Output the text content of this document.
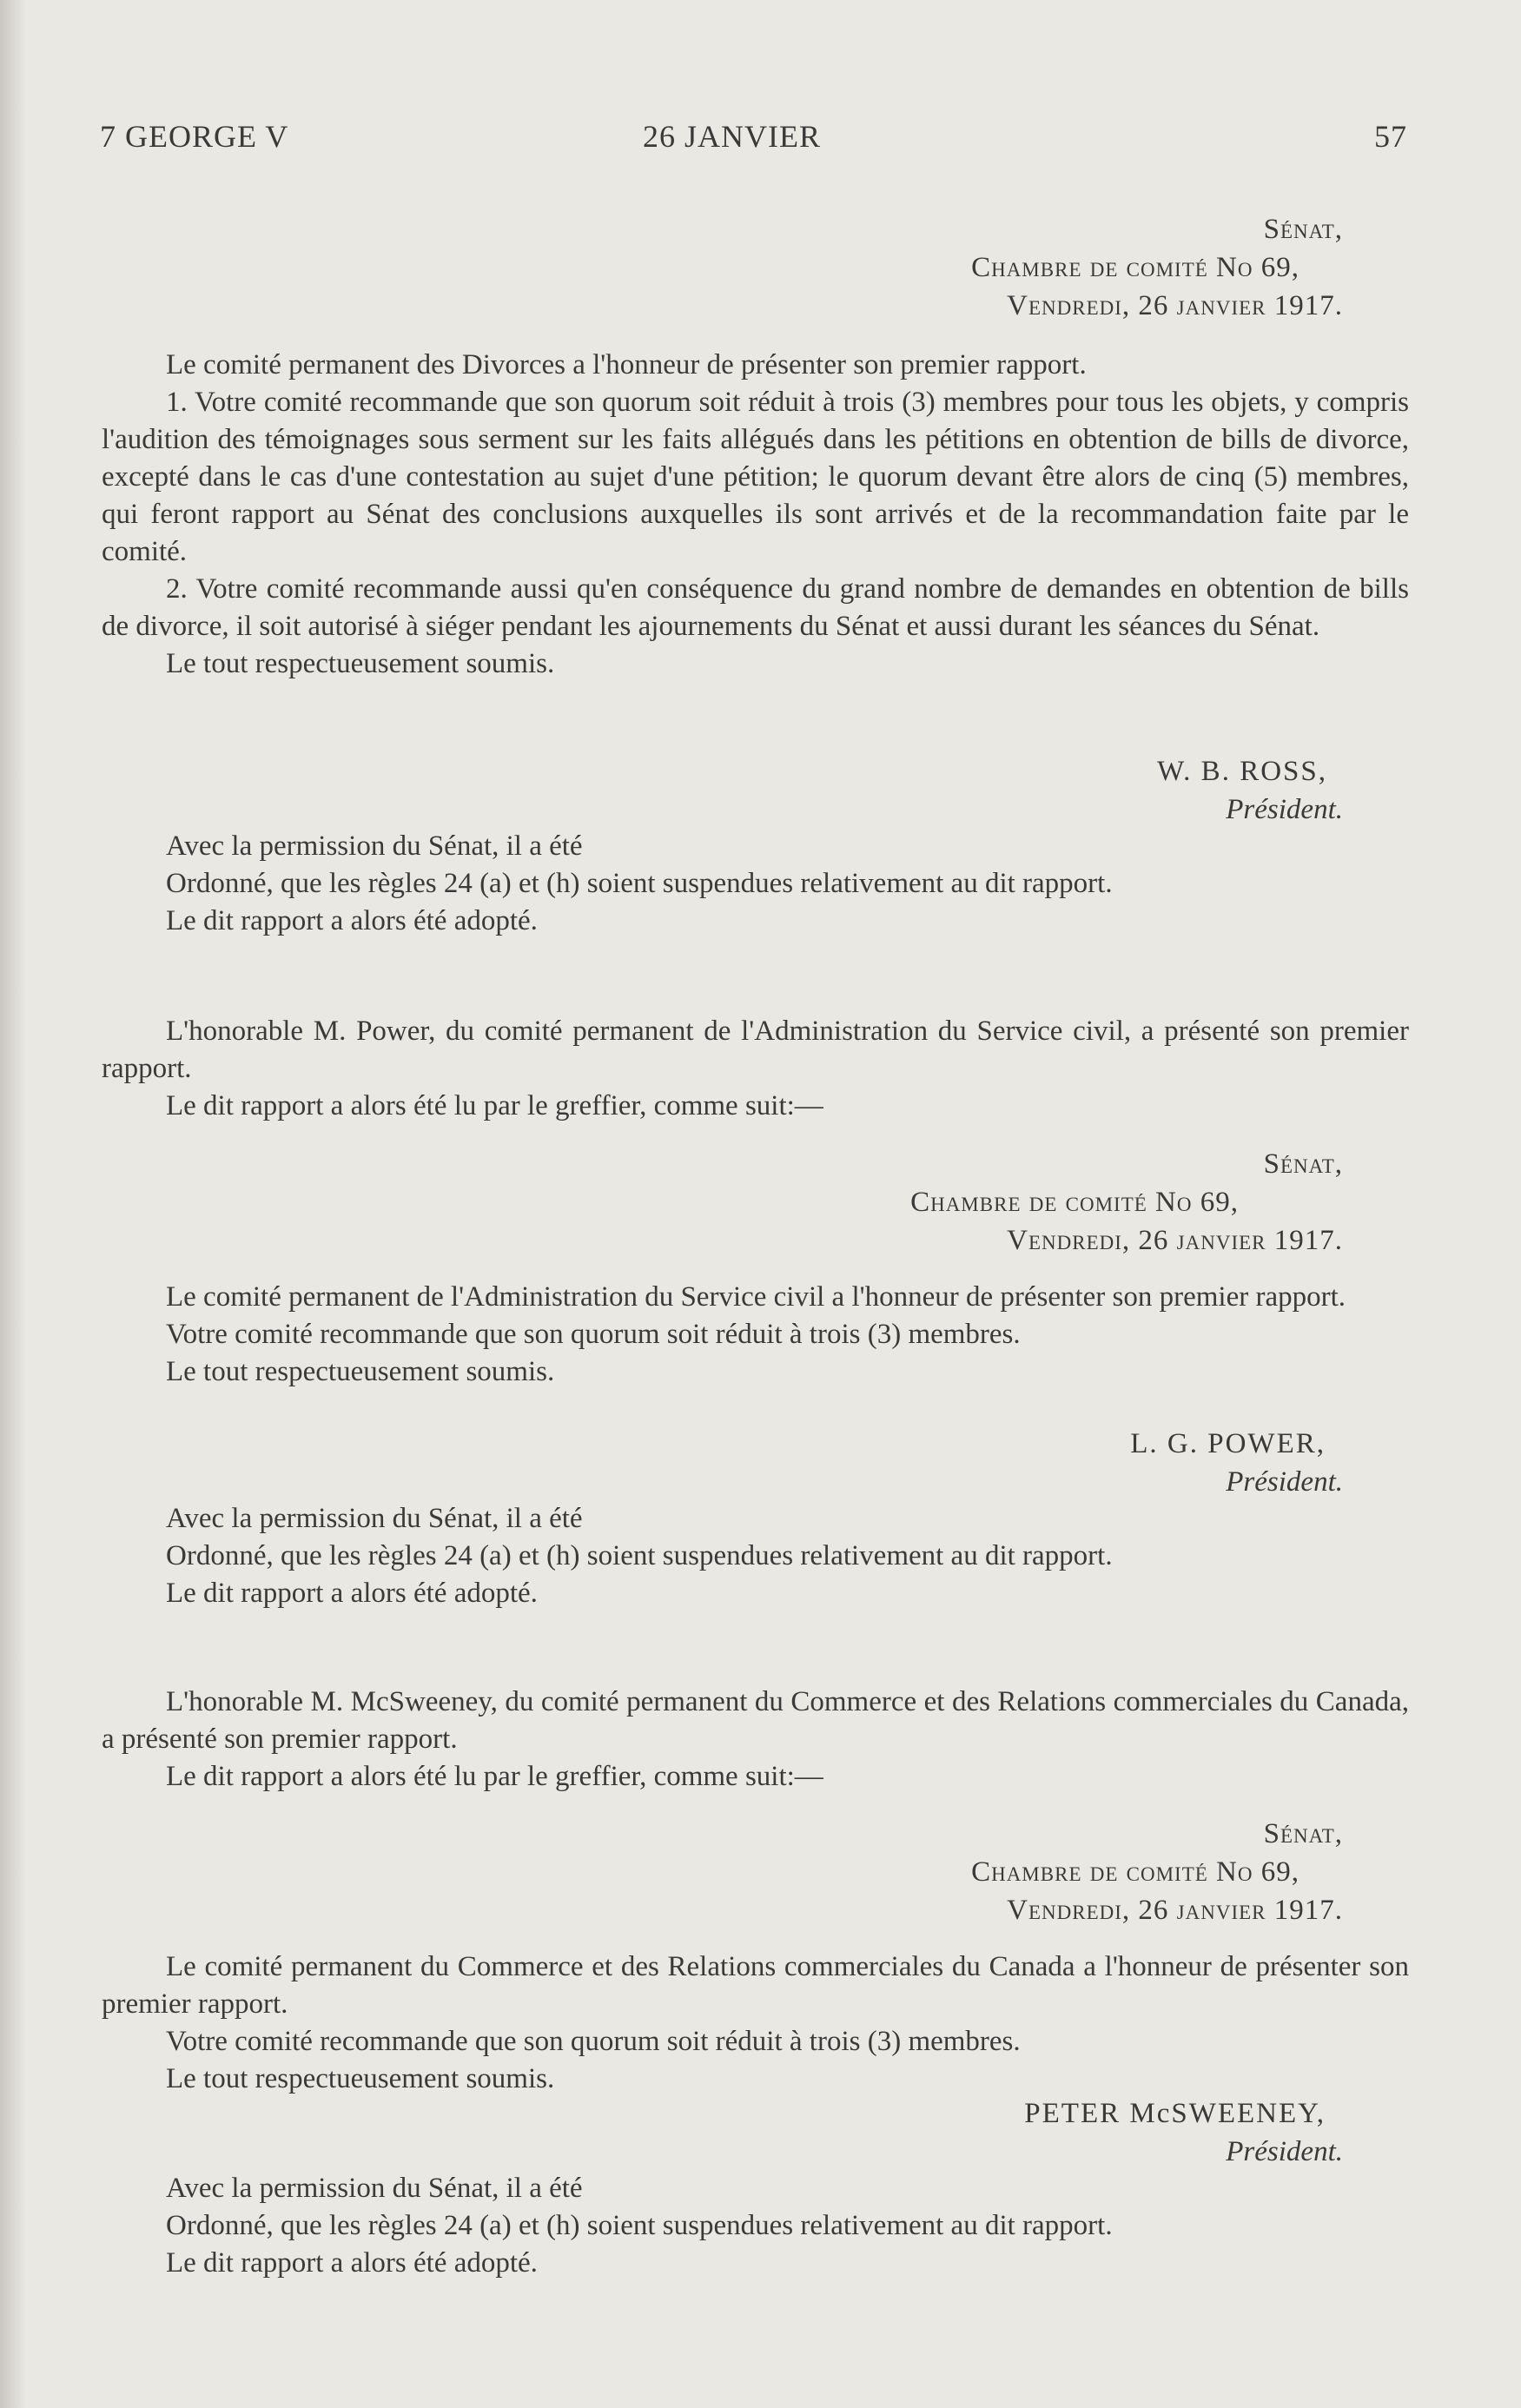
7 GEORGE V	26 JANVIER	57
Sénat,
Chambre de comité No 69,
Vendredi, 26 janvier 1917.

Le comité permanent des Divorces a l'honneur de présenter son premier rapport.

1. Votre comité recommande que son quorum soit réduit à trois (3) membres pour tous les objets, y compris l'audition des témoignages sous serment sur les faits allégués dans les pétitions en obtention de bills de divorce, excepté dans le cas d'une contestation au sujet d'une pétition; le quorum devant être alors de cinq (5) membres, qui feront rapport au Sénat des conclusions auxquelles ils sont arrivés et de la recommandation faite par le comité.

2. Votre comité recommande aussi qu'en conséquence du grand nombre de demandes en obtention de bills de divorce, il soit autorisé à siéger pendant les ajournements du Sénat et aussi durant les séances du Sénat.

Le tout respectueusement soumis.

W. B. ROSS,
Président.

Avec la permission du Sénat, il a été

Ordonné, que les règles 24 (a) et (h) soient suspendues relativement au dit rapport.

Le dit rapport a alors été adopté.

L'honorable M. Power, du comité permanent de l'Administration du Service civil, a présenté son premier rapport.

Le dit rapport a alors été lu par le greffier, comme suit:—

Sénat,
Chambre de comité No 69,
Vendredi, 26 janvier 1917.

Le comité permanent de l'Administration du Service civil a l'honneur de présenter son premier rapport.

Votre comité recommande que son quorum soit réduit à trois (3) membres.

Le tout respectueusement soumis.

L. G. POWER,
Président.

Avec la permission du Sénat, il a été

Ordonné, que les règles 24 (a) et (h) soient suspendues relativement au dit rapport.

Le dit rapport a alors été adopté.

L'honorable M. McSweeney, du comité permanent du Commerce et des Relations commerciales du Canada, a présenté son premier rapport.

Le dit rapport a alors été lu par le greffier, comme suit:—

Sénat,
Chambre de comité No 69,
Vendredi, 26 janvier 1917.

Le comité permanent du Commerce et des Relations commerciales du Canada a l'honneur de présenter son premier rapport.

Votre comité recommande que son quorum soit réduit à trois (3) membres.

Le tout respectueusement soumis.

PETER McSWEENEY,
Président.

Avec la permission du Sénat, il a été

Ordonné, que les règles 24 (a) et (h) soient suspendues relativement au dit rapport.

Le dit rapport a alors été adopté.
